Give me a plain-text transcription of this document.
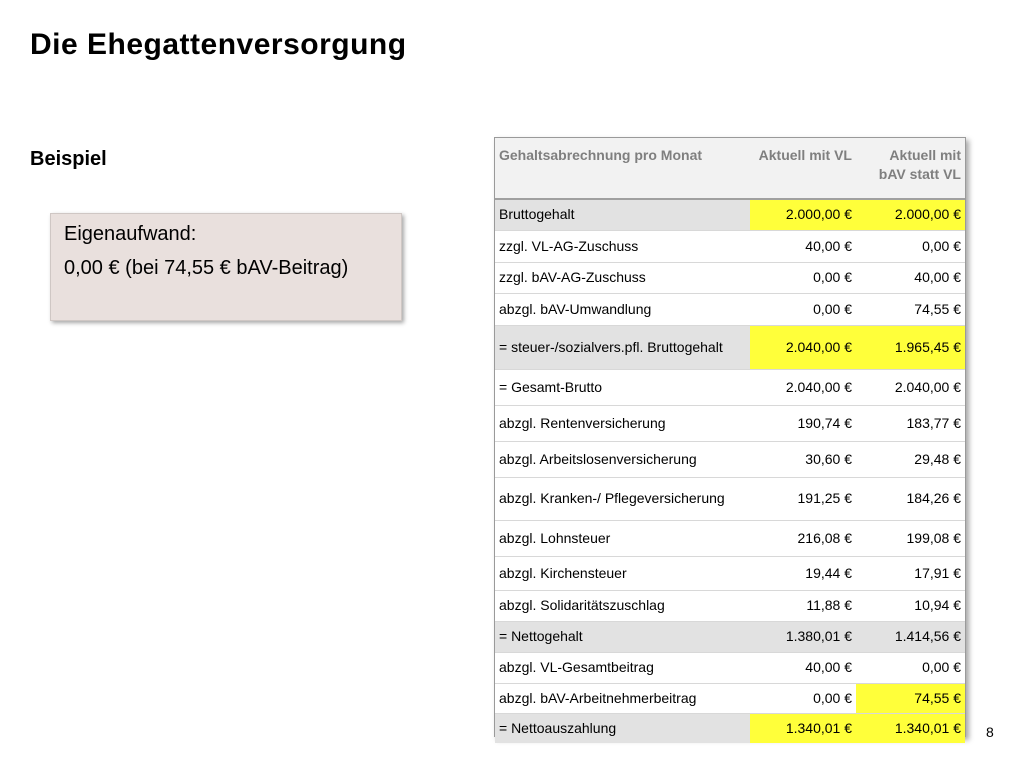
Die Ehegattenversorgung
Beispiel
Eigenaufwand:
0,00 € (bei 74,55 € bAV-Beitrag)
Gehaltsabrechnung pro Monat	Aktuell mit VL	Aktuell mit bAV statt VL
Bruttogehalt	2.000,00 €	2.000,00 €
zzgl. VL-AG-Zuschuss	40,00 €	0,00 €
zzgl. bAV-AG-Zuschuss	0,00 €	40,00 €
abzgl. bAV-Umwandlung	0,00 €	74,55 €
= steuer-/sozialvers.pfl. Bruttogehalt	2.040,00 €	1.965,45 €
= Gesamt-Brutto	2.040,00 €	2.040,00 €
abzgl. Rentenversicherung	190,74 €	183,77 €
abzgl. Arbeitslosenversicherung	30,60 €	29,48 €
abzgl. Kranken-/ Pflegeversicherung	191,25 €	184,26 €
abzgl. Lohnsteuer	216,08 €	199,08 €
abzgl. Kirchensteuer	19,44 €	17,91 €
abzgl. Solidaritätszuschlag	11,88 €	10,94 €
= Nettogehalt	1.380,01 €	1.414,56 €
abzgl. VL-Gesamtbeitrag	40,00 €	0,00 €
abzgl. bAV-Arbeitnehmerbeitrag	0,00 €	74,55 €
= Nettoauszahlung	1.340,01 €	1.340,01 € 8
